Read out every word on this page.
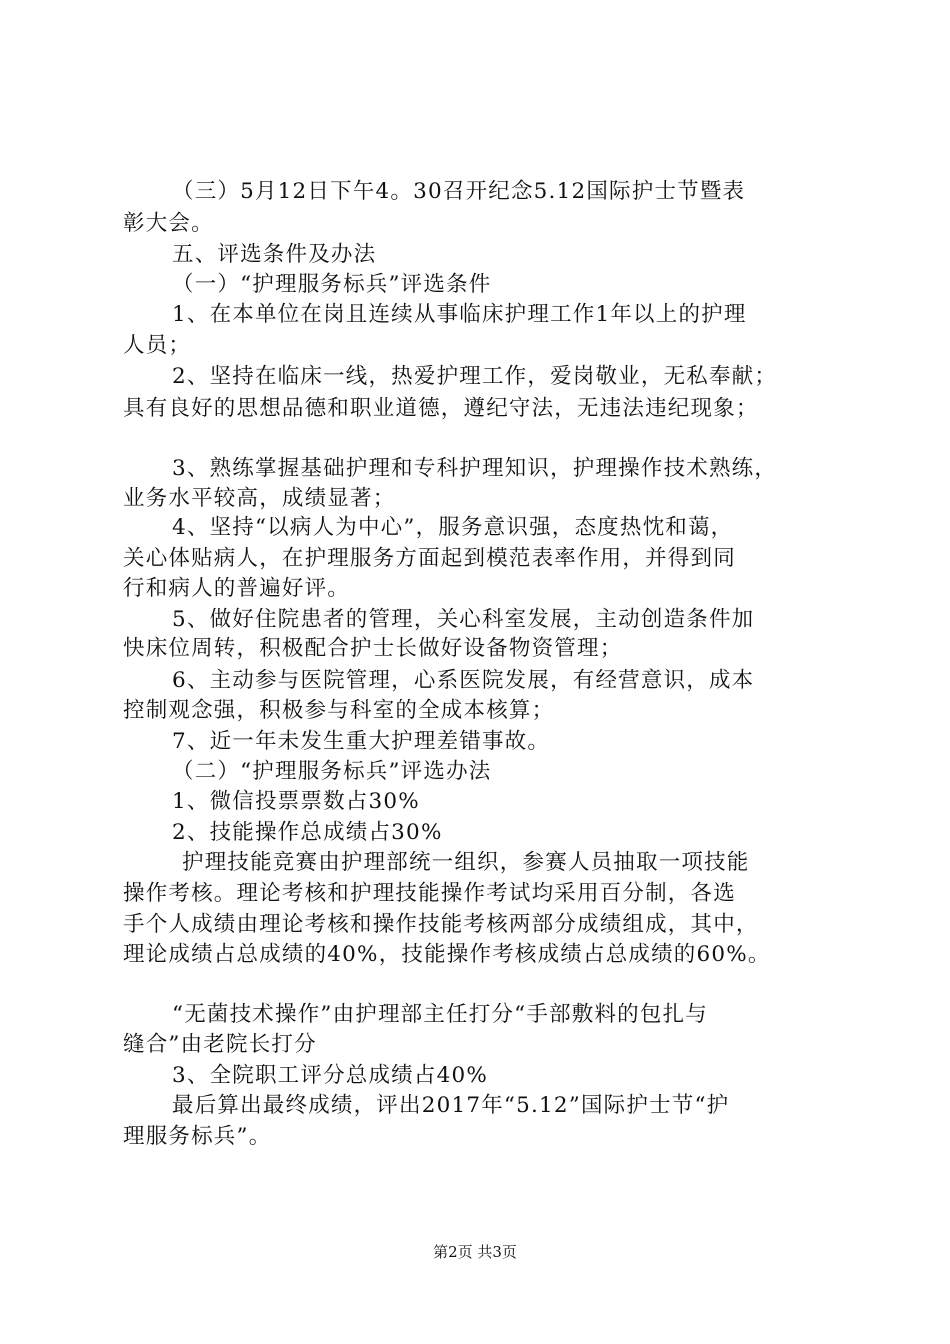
（三）5月12日下午4。30召开纪念5.12国际护士节暨表
彰大会。
五、评选条件及办法
（一）“护理服务标兵”评选条件
1、在本单位在岗且连续从事临床护理工作1年以上的护理
人员；
2、坚持在临床一线，热爱护理工作，爱岗敬业，无私奉献；
具有良好的思想品德和职业道德，遵纪守法，无违法违纪现象；
3、熟练掌握基础护理和专科护理知识，护理操作技术熟练，
业务水平较高，成绩显著；
4、坚持“以病人为中心”，服务意识强，态度热忱和蔼，
关心体贴病人，在护理服务方面起到模范表率作用，并得到同
行和病人的普遍好评。
5、做好住院患者的管理，关心科室发展，主动创造条件加
快床位周转，积极配合护士长做好设备物资管理；
6、主动参与医院管理，心系医院发展，有经营意识，成本
控制观念强，积极参与科室的全成本核算；
7、近一年未发生重大护理差错事故。
（二）“护理服务标兵”评选办法
1、微信投票票数占30%
2、技能操作总成绩占30%
护理技能竞赛由护理部统一组织，参赛人员抽取一项技能
操作考核。理论考核和护理技能操作考试均采用百分制，各选
手个人成绩由理论考核和操作技能考核两部分成绩组成，其中，
理论成绩占总成绩的40%，技能操作考核成绩占总成绩的60%。
“无菌技术操作”由护理部主任打分“手部敷料的包扎与
缝合”由老院长打分
3、全院职工评分总成绩占40%
最后算出最终成绩，评出2017年“5.12”国际护士节“护
理服务标兵”。
第2页 共3页
